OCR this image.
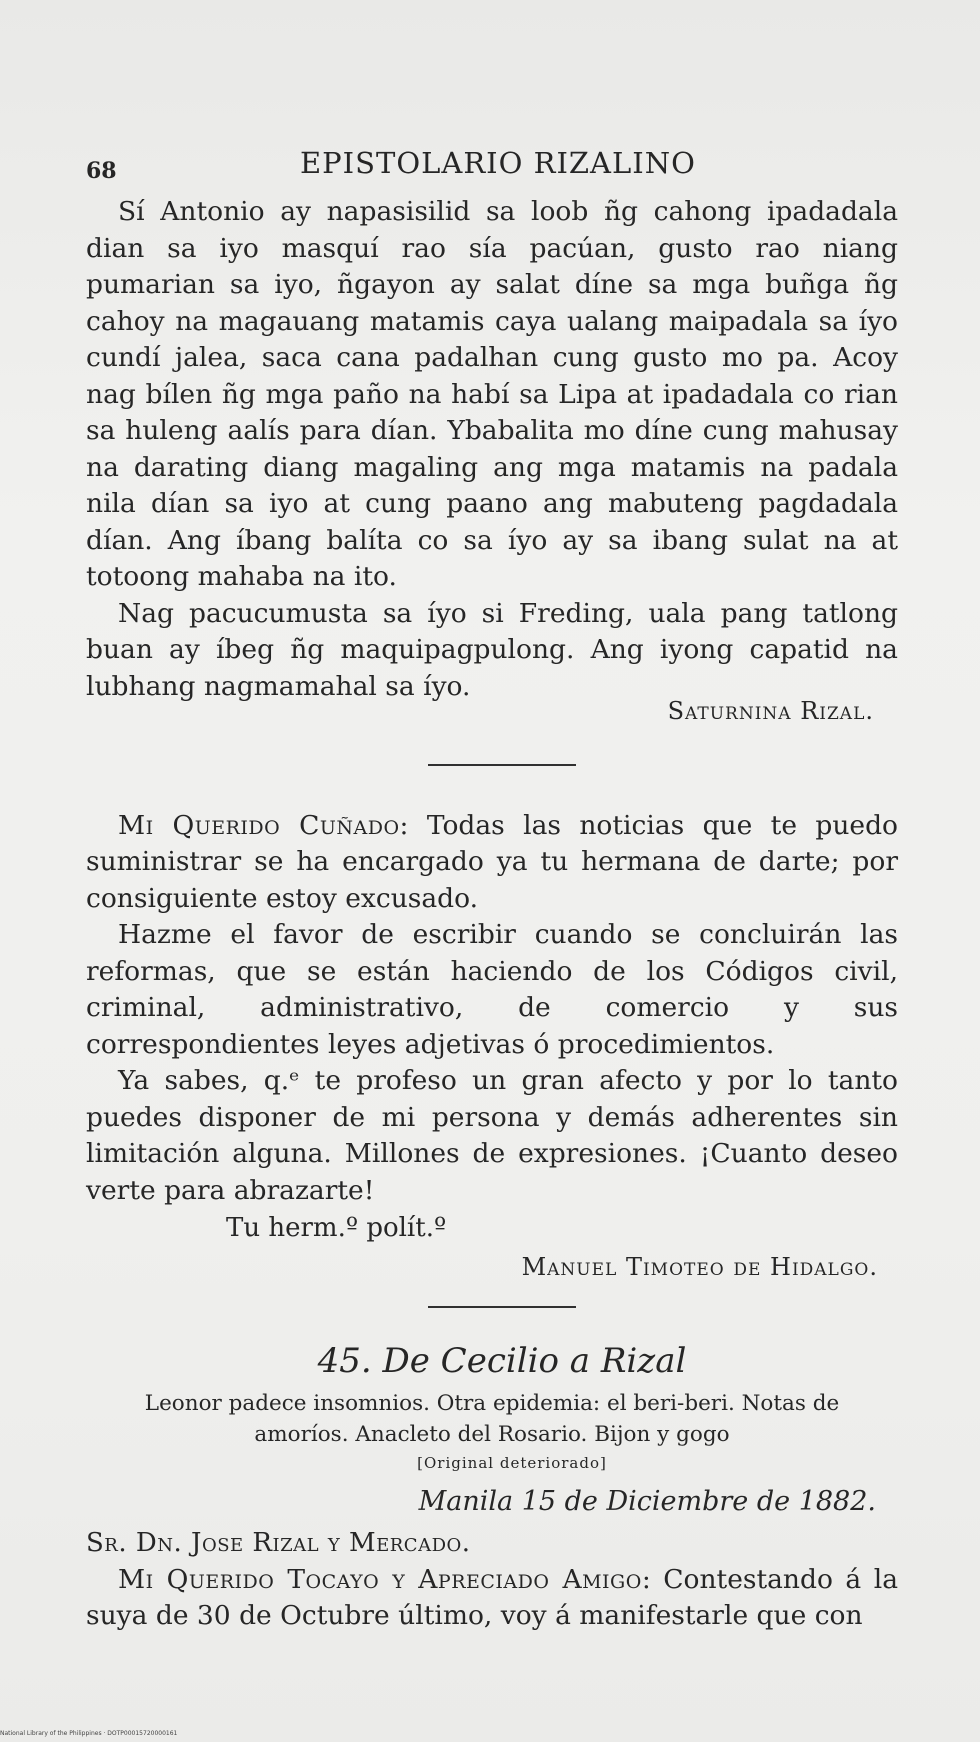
68	EPISTOLARIO RIZALINO

Sí Antonio ay napasisilid sa loob ñg cahong ipadadala dian sa iyo masquí rao sía pacúan, gusto rao niang pumarian sa iyo, ñgayon ay salat díne sa mga buñga ñg cahoy na magauang matamis caya ualang maipadala sa íyo cundí jalea, saca cana padalhan cung gusto mo pa. Acoy nag bílen ñg mga paño na habí sa Lipa at ipadadala co rian sa huleng aalís para dían. Ybabalita mo díne cung mahusay na darating diang magaling ang mga matamis na padala nila dían sa iyo at cung paano ang mabuteng pagdadala dían. Ang íbang balíta co sa íyo ay sa ibang sulat na at totoong mahaba na ito.

Nag pacucumusta sa íyo si Freding, uala pang tatlong buan ay íbeg ñg maquipagpulong. Ang iyong capatid na lubhang nagmamahal sa íyo.

Saturnina Rizal.

Mi Querido Cuñado: Todas las noticias que te puedo suministrar se ha encargado ya tu hermana de darte; por consiguiente estoy excusado.

Hazme el favor de escribir cuando se concluirán las reformas, que se están haciendo de los Códigos civil, criminal, administrativo, de comercio y sus correspondientes leyes adjetivas ó procedimientos.

Ya sabes, q.ᵉ te profeso un gran afecto y por lo tanto puedes disponer de mi persona y demás adherentes sin limitación alguna. Millones de expresiones. ¡Cuanto deseo verte para abrazarte!

Tu herm.º polít.º

Manuel Timoteo de Hidalgo.

45. De Cecilio a Rizal
Leonor padece insomnios. Otra epidemia: el beri-beri. Notas de amoríos. Anacleto del Rosario. Bijon y gogo
[Original deteriorado]
Manila 15 de Diciembre de 1882.

Sr. Dn. Jose Rizal y Mercado.

Mi Querido Tocayo y Apreciado Amigo: Contestando á la suya de 30 de Octubre último, voy á manifestarle que con

National Library of the Philippines · DOTP00015720000161
